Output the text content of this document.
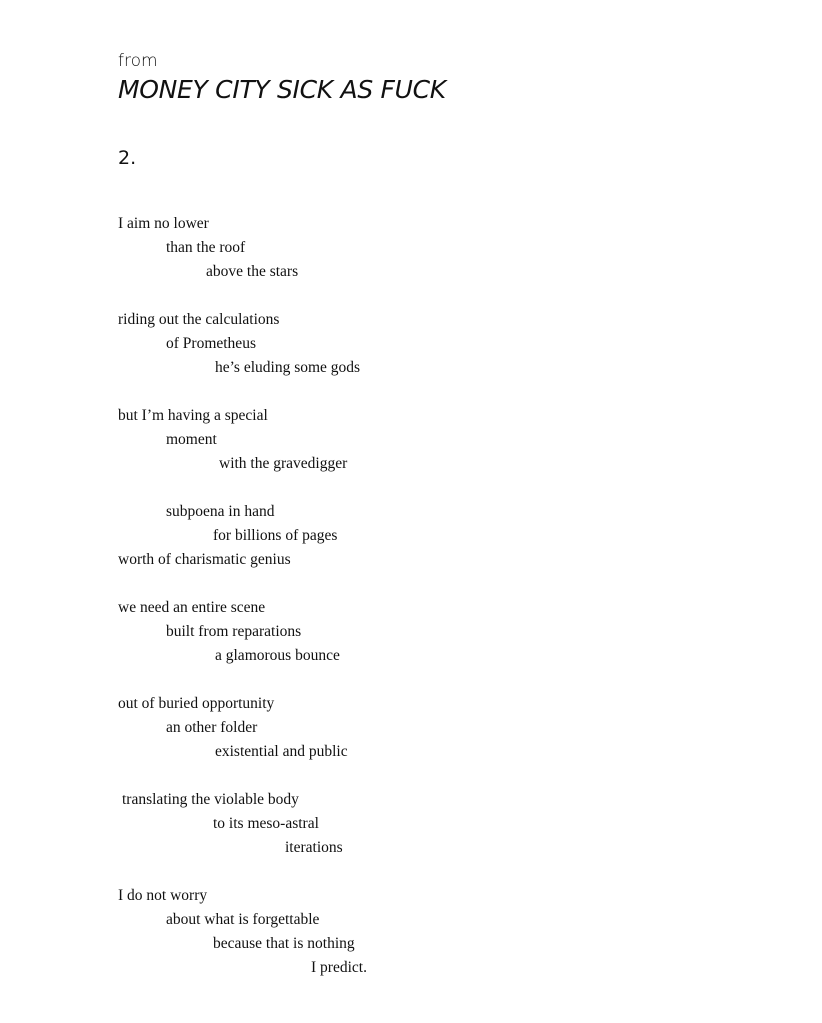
from
MONEY CITY SICK AS FUCK
2.
I aim no lower
than the roof
above the stars
riding out the calculations
of Prometheus
he’s eluding some gods
but I’m having a special
moment
with the gravedigger
subpoena in hand
for billions of pages
worth of charismatic genius
we need an entire scene
built from reparations
a glamorous bounce
out of buried opportunity
an other folder
existential and public
translating the violable body
to its meso-astral
iterations
I do not worry
about what is forgettable
because that is nothing
I predict.
